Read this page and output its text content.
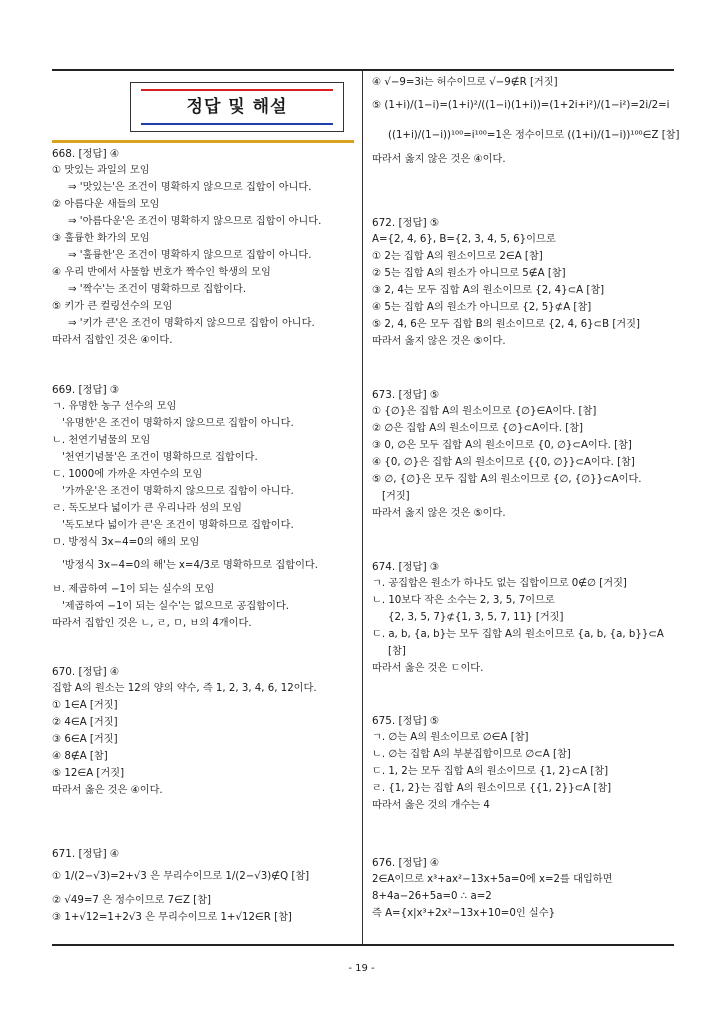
정답 및 해설
668. [정답] ④
① 맛있는 과일의 모임
⇒ '맛있는'은 조건이 명확하지 않으므로 집합이 아니다.
② 아름다운 새들의 모임
⇒ '아름다운'은 조건이 명확하지 않으므로 집합이 아니다.
③ 훌륭한 화가의 모임
⇒ '훌륭한'은 조건이 명확하지 않으므로 집합이 아니다.
④ 우리 반에서 사물함 번호가 짝수인 학생의 모임
⇒ '짝수'는 조건이 명확하므로 집합이다.
⑤ 키가 큰 컬링선수의 모임
⇒ '키가 큰'은 조건이 명확하지 않으므로 집합이 아니다.
따라서 집합인 것은 ④이다.
669. [정답] ③
ㄱ. 유명한 농구 선수의 모임
'유명한'은 조건이 명확하지 않으므로 집합이 아니다.
ㄴ. 천연기념물의 모임
'천연기념물'은 조건이 명확하므로 집합이다.
ㄷ. 1000에 가까운 자연수의 모임
'가까운'은 조건이 명확하지 않으므로 집합이 아니다.
ㄹ. 독도보다 넓이가 큰 우리나라 섬의 모임
'독도보다 넓이가 큰'은 조건이 명확하므로 집합이다.
ㅁ. 방정식 3x−4=0의 해의 모임
'방정식 3x−4=0의 해'는 x=4/3로 명확하므로 집합이다.
ㅂ. 제곱하여 −1이 되는 실수의 모임
'제곱하여 −1이 되는 실수'는 없으므로 공집합이다.
따라서 집합인 것은 ㄴ, ㄹ, ㅁ, ㅂ의 4개이다.
670. [정답] ④
집합 A의 원소는 12의 양의 약수, 즉 1, 2, 3, 4, 6, 12이다.
① 1∈A [거짓]
② 4∈A [거짓]
③ 6∈A [거짓]
④ 8∉A [참]
⑤ 12∈A [거짓]
따라서 옳은 것은 ④이다.
671. [정답] ④
① 1/(2−√3)=2+√3 은 무리수이므로 1/(2−√3)∉Q [참]
② √49=7 은 정수이므로 7∈Z [참]
③ 1+√12=1+2√3 은 무리수이므로 1+√12∈R [참]
④ √−9=3i는 허수이므로 √−9∉R [거짓]
⑤ (1+i)/(1−i)=(1+i)²/((1−i)(1+i))=(1+2i+i²)/(1−i²)=2i/2=i
((1+i)/(1−i))¹⁰⁰=i¹⁰⁰=1은 정수이므로 ((1+i)/(1−i))¹⁰⁰∈Z [참]
따라서 옳지 않은 것은 ④이다.
672. [정답] ⑤
A={2, 4, 6}, B={2, 3, 4, 5, 6}이므로
① 2는 집합 A의 원소이므로 2∈A [참]
② 5는 집합 A의 원소가 아니므로 5∉A [참]
③ 2, 4는 모두 집합 A의 원소이므로 {2, 4}⊂A [참]
④ 5는 집합 A의 원소가 아니므로 {2, 5}⊄A [참]
⑤ 2, 4, 6은 모두 집합 B의 원소이므로 {2, 4, 6}⊂B [거짓]
따라서 옳지 않은 것은 ⑤이다.
673. [정답] ⑤
① {∅}은 집합 A의 원소이므로 {∅}∈A이다. [참]
② ∅은 집합 A의 원소이므로 {∅}⊂A이다. [참]
③ 0, ∅은 모두 집합 A의 원소이므로 {0, ∅}⊂A이다. [참]
④ {0, ∅}은 집합 A의 원소이므로 {{0, ∅}}⊂A이다. [참]
⑤ ∅, {∅}은 모두 집합 A의 원소이므로 {∅, {∅}}⊂A이다.
[거짓]
따라서 옳지 않은 것은 ⑤이다.
674. [정답] ③
ㄱ. 공집합은 원소가 하나도 없는 집합이므로 0∉∅ [거짓]
ㄴ. 10보다 작은 소수는 2, 3, 5, 7이므로
{2, 3, 5, 7}⊄{1, 3, 5, 7, 11} [거짓]
ㄷ. a, b, {a, b}는 모두 집합 A의 원소이므로 {a, b, {a, b}}⊂A
[참]
따라서 옳은 것은 ㄷ이다.
675. [정답] ⑤
ㄱ. ∅는 A의 원소이므로 ∅∈A [참]
ㄴ. ∅는 집합 A의 부분집합이므로 ∅⊂A [참]
ㄷ. 1, 2는 모두 집합 A의 원소이므로 {1, 2}⊂A [참]
ㄹ. {1, 2}는 집합 A의 원소이므로 {{1, 2}}⊂A [참]
따라서 옳은 것의 개수는 4
676. [정답] ④
2∈A이므로 x³+ax²−13x+5a=0에 x=2를 대입하면
8+4a−26+5a=0 ∴ a=2
즉 A={x|x³+2x²−13x+10=0인 실수}
- 19 -
